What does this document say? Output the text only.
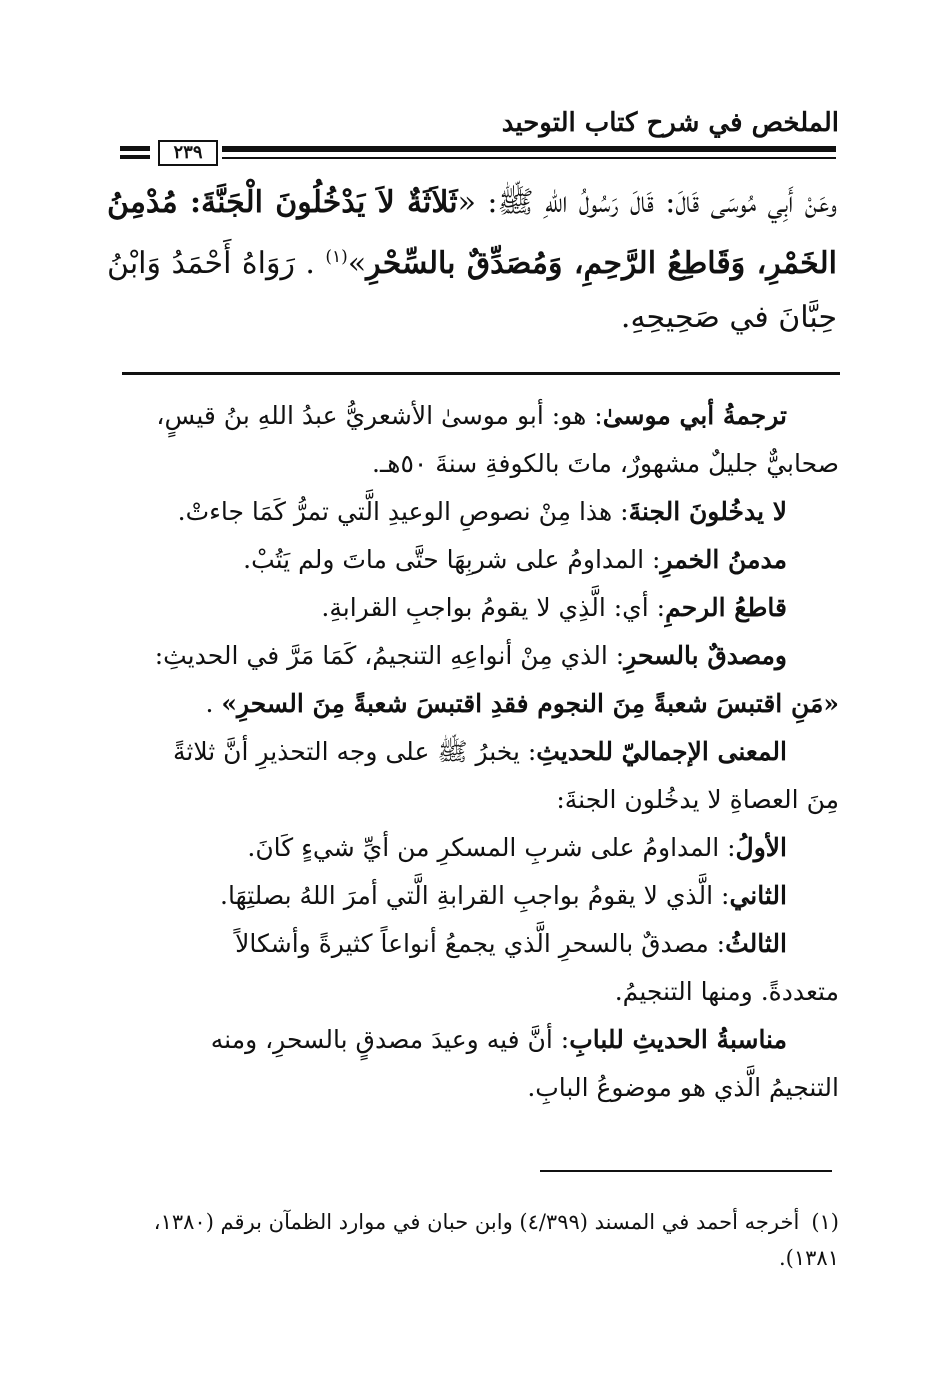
الملخص في شرح كتاب التوحيد
٢٣٩
وعَنْ أَبِي مُوسَى قَالَ: قَالَ رَسُولُ اللهِ ﷺ: «ثَلاَثَةٌ لاَ يَدْخُلُونَ الْجَنَّةَ: مُدْمِنُ الخَمْرِ، وَقَاطِعُ الرَّحِمِ، وَمُصَدِّقٌ بالسِّحْرِ»$^{(١)}$ . رَوَاهُ أَحْمَدُ وَابْنُ حِبَّانَ في صَحِيحِهِ.
ترجمةُ أبي موسىٰ: هو: أبو موسىٰ الأشعريُّ عبدُ اللهِ بنُ قيسٍ،
صحابيٌّ جليلٌ مشهورٌ، ماتَ بالكوفةِ سنةَ ٥٠هـ.
لا يدخُلونَ الجنةَ: هذا مِنْ نصوصِ الوعيدِ الَّتي تمرُّ كَمَا جاءتْ.
مدمنُ الخمرِ: المداومُ على شربِهَا حتَّى ماتَ ولم يَتُبْ.
قاطعُ الرحمِ: أي: الَّذِي لا يقومُ بواجبِ القرابةِ.
ومصدقٌ بالسحرِ: الذي مِنْ أنواعِهِ التنجيمُ، كَمَا مَرَّ في الحديثِ:
«مَنِ اقتبسَ شعبةً مِنَ النجوم فقدِ اقتبسَ شعبةً مِنَ السحرِ» .
المعنى الإجماليّ للحديثِ: يخبرُ ﷺ على وجه التحذيرِ أنَّ ثلاثةً
مِنَ العصاةِ لا يدخُلون الجنةَ:
الأولُ: المداومُ على شربِ المسكرِ من أيِّ شيءٍ كَانَ.
الثاني: الَّذي لا يقومُ بواجبِ القرابةِ الَّتي أمرَ اللهُ بصلتِهَا.
الثالثُ: مصدقٌ بالسحرِ الَّذي يجمعُ أنواعاً كثيرةً وأشكالاً
متعددةً. ومنها التنجيمُ.
مناسبةُ الحديثِ للبابِ: أنَّ فيه وعيدَ مصدقٍ بالسحرِ، ومنه
التنجيمُ الَّذي هو موضوعُ البابِ.
(١)أخرجه أحمد في المسند (٤/٣٩٩) وابن حبان في موارد الظمآن برقم (١٣٨٠،
١٣٨١).
